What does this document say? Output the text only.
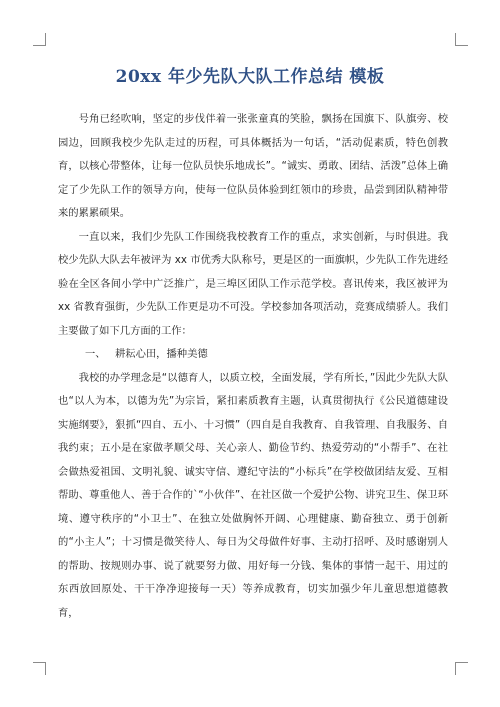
20xx 年少先队大队工作总结 模板

号角已经吹响，坚定的步伐伴着一张张童真的笑脸，飘扬在国旗下、队旗旁、校园边，回顾我校少先队走过的历程，可具体概括为一句话，“活动促素质，特色创教育，以核心带整体，让每一位队员快乐地成长”。“诚实、勇敢、团结、活泼”总体上确定了少先队工作的领导方向，使每一位队员体验到红领巾的珍贵，品尝到团队精神带来的累累硕果。

一直以来，我们少先队工作围绕我校教育工作的重点，求实创新，与时俱进。我校少先队大队去年被评为 xx 市优秀大队称号，更是区的一面旗帜，少先队工作先进经验在全区各间小学中广泛推广，是三埠区团队工作示范学校。喜讯传来，我区被评为 xx 省教育强街，少先队工作更是功不可没。学校参加各项活动，竞赛成绩骄人。我们主要做了如下几方面的工作：

一、 耕耘心田，播种美德

我校的办学理念是“以德育人，以质立校，全面发展，学有所长，”因此少先队大队也“以人为本，以德为先”为宗旨，紧扣素质教育主题，认真贯彻执行《公民道德建设实施纲要》，狠抓“四自、五小、十习惯”（四自是自我教育、自我管理、自我服务、自我约束；五小是在家做孝顺父母、关心亲人、勤俭节约、热爱劳动的“小帮手”、在社会做热爱祖国、文明礼貌、诚实守信、遵纪守法的“小标兵”在学校做团结友爱、互相帮助、尊重他人、善于合作的`“小伙伴”、在社区做一个爱护公物、讲究卫生、保卫环境、遵守秩序的“小卫士”、在独立处做胸怀开阔、心理健康、勤奋独立、勇于创新的“小主人”；十习惯是微笑待人、每日为父母做件好事、主动打招呼、及时感谢别人的帮助、按规则办事、说了就要努力做、用好每一分钱、集体的事情一起干、用过的东西放回原处、干干净净迎接每一天）等养成教育，切实加强少年儿童思想道德教育，
